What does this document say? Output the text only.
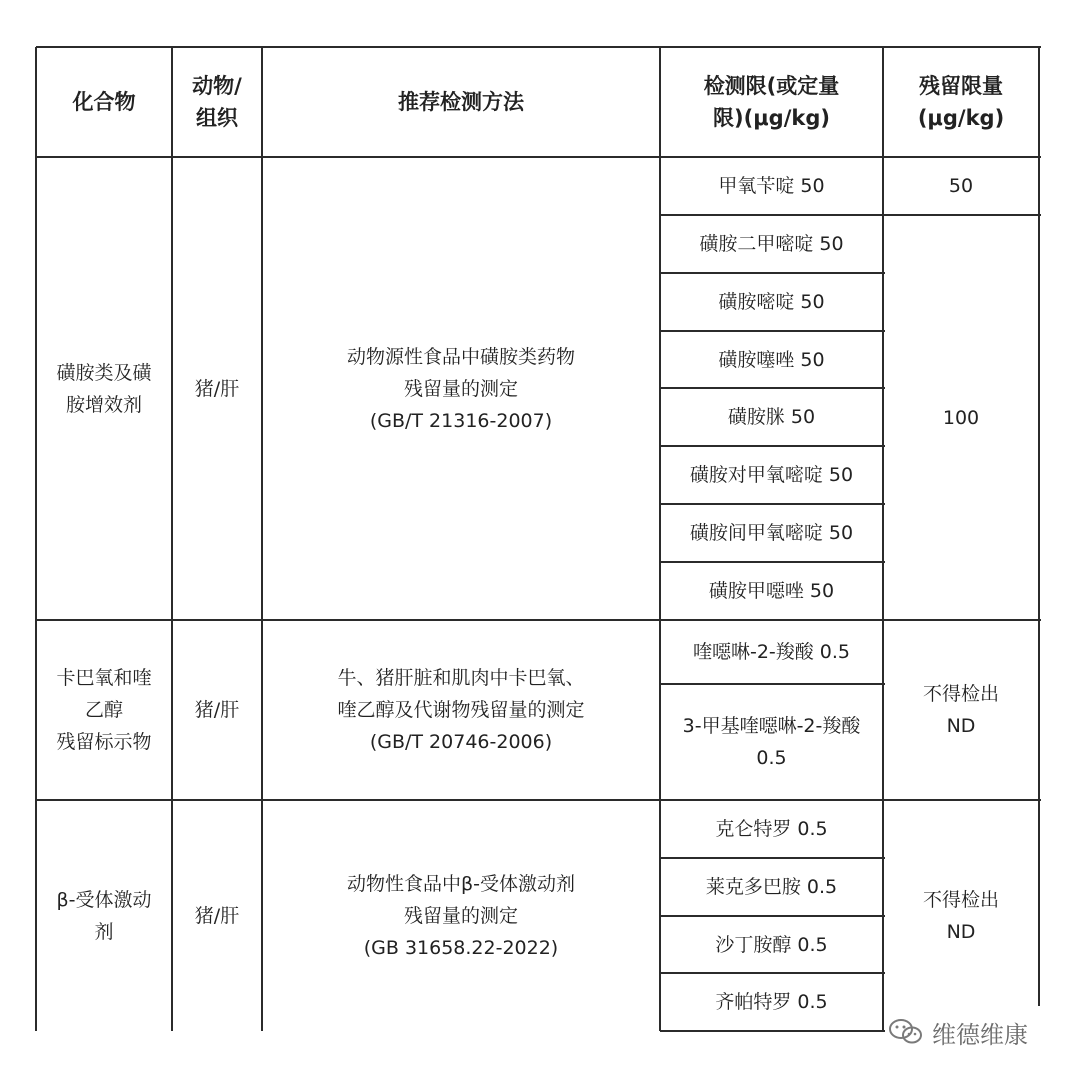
化合物
动物/
组织
推荐检测方法
检测限(或定量
限)(μg/kg)
残留限量
(μg/kg)
磺胺类及磺
胺增效剂
猪/肝
动物源性食品中磺胺类药物
残留量的测定
(GB/T 21316-2007)
甲氧苄啶 50
磺胺二甲嘧啶 50
磺胺嘧啶 50
磺胺噻唑 50
磺胺脒 50
磺胺对甲氧嘧啶 50
磺胺间甲氧嘧啶 50
磺胺甲噁唑 50
50
100
卡巴氧和喹
乙醇
残留标示物
猪/肝
牛、猪肝脏和肌肉中卡巴氧、
喹乙醇及代谢物残留量的测定
(GB/T 20746-2006)
喹噁啉-2-羧酸 0.5
3-甲基喹噁啉-2-羧酸
0.5
不得检出
ND
β-受体激动
剂
猪/肝
动物性食品中β-受体激动剂
残留量的测定
(GB 31658.22-2022)
克仑特罗 0.5
莱克多巴胺 0.5
沙丁胺醇 0.5
齐帕特罗 0.5
不得检出
ND
维德维康
